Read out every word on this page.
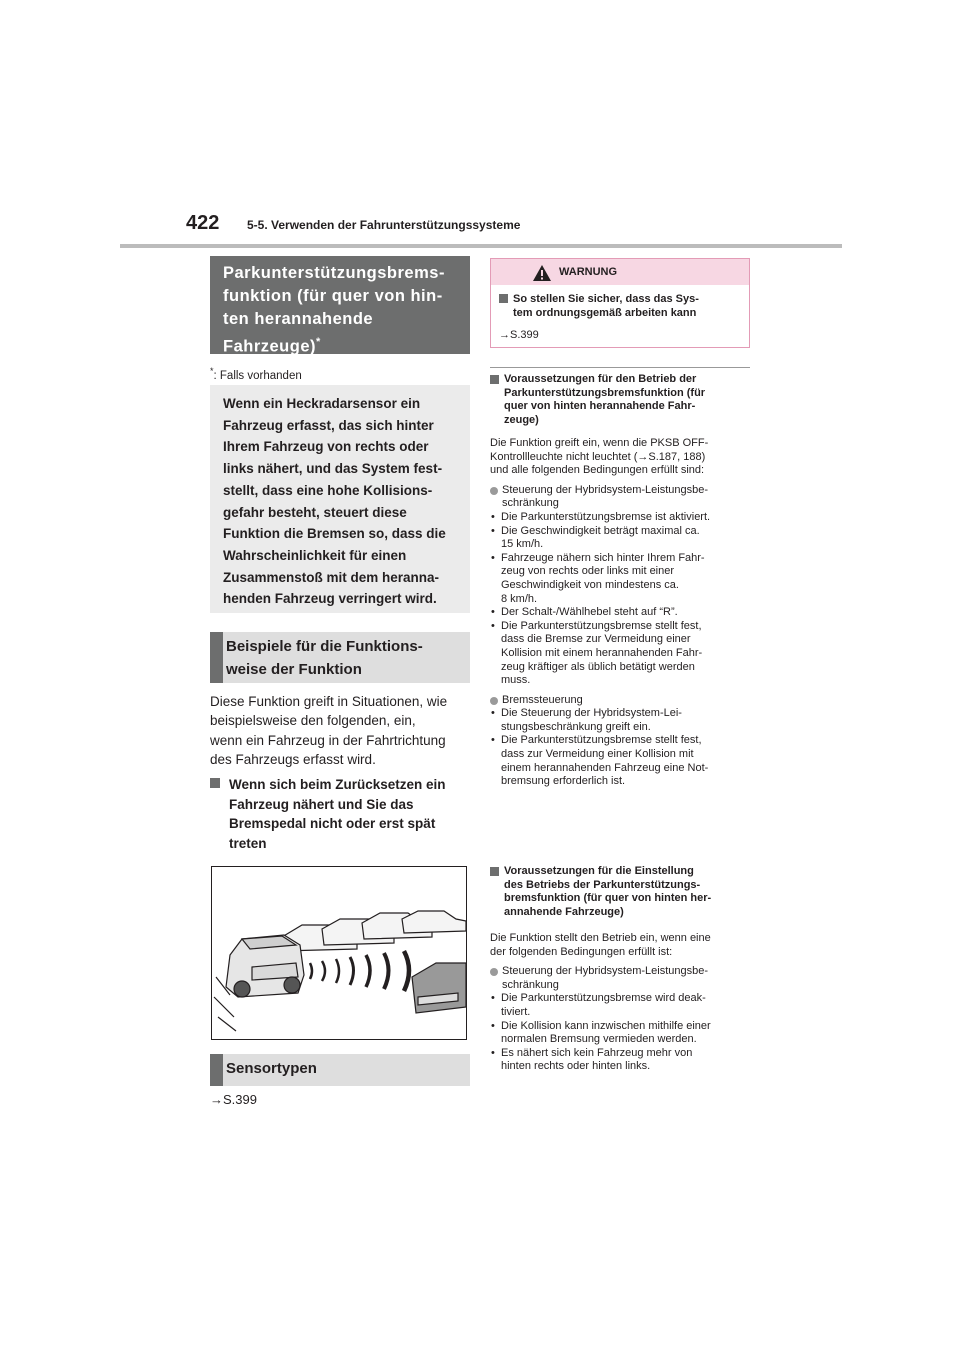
422 5-5. Verwenden der Fahrunterstützungssysteme
Parkunterstützungsbrems-
funktion (für quer von hin-
ten herannahende
Fahrzeuge)*
*: Falls vorhanden
Wenn ein Heckradarsensor ein
Fahrzeug erfasst, das sich hinter
Ihrem Fahrzeug von rechts oder
links nähert, und das System fest-
stellt, dass eine hohe Kollisions-
gefahr besteht, steuert diese
Funktion die Bremsen so, dass die
Wahrscheinlichkeit für einen
Zusammenstoß mit dem heranna-
henden Fahrzeug verringert wird.
Beispiele für die Funktions-
weise der Funktion
Diese Funktion greift in Situationen, wie
beispielsweise den folgenden, ein,
wenn ein Fahrzeug in der Fahrtrichtung
des Fahrzeugs erfasst wird.
Wenn sich beim Zurücksetzen ein
Fahrzeug nähert und Sie das
Bremspedal nicht oder erst spät
treten
Sensortypen
→S.399
WARNUNG
So stellen Sie sicher, dass das Sys-
tem ordnungsgemäß arbeiten kann
→S.399
Voraussetzungen für den Betrieb der
Parkunterstützungsbremsfunktion (für
quer von hinten herannahende Fahr-
zeuge)
Die Funktion greift ein, wenn die PKSB OFF-
Kontrollleuchte nicht leuchtet (→S.187, 188)
und alle folgenden Bedingungen erfüllt sind:
Steuerung der Hybridsystem-Leistungsbe-
schränkung
• Die Parkunterstützungsbremse ist aktiviert.
• Die Geschwindigkeit beträgt maximal ca.
15 km/h.
• Fahrzeuge nähern sich hinter Ihrem Fahr-
zeug von rechts oder links mit einer
Geschwindigkeit von mindestens ca.
8 km/h.
• Der Schalt-/Wählhebel steht auf “R”.
• Die Parkunterstützungsbremse stellt fest,
dass die Bremse zur Vermeidung einer
Kollision mit einem herannahenden Fahr-
zeug kräftiger als üblich betätigt werden
muss.
Bremssteuerung
• Die Steuerung der Hybridsystem-Lei-
stungsbeschränkung greift ein.
• Die Parkunterstützungsbremse stellt fest,
dass zur Vermeidung einer Kollision mit
einem herannahenden Fahrzeug eine Not-
bremsung erforderlich ist.
Voraussetzungen für die Einstellung
des Betriebs der Parkunterstützungs-
bremsfunktion (für quer von hinten her-
annahende Fahrzeuge)
Die Funktion stellt den Betrieb ein, wenn eine
der folgenden Bedingungen erfüllt ist:
Steuerung der Hybridsystem-Leistungsbe-
schränkung
• Die Parkunterstützungsbremse wird deak-
tiviert.
• Die Kollision kann inzwischen mithilfe einer
normalen Bremsung vermieden werden.
• Es nähert sich kein Fahrzeug mehr von
hinten rechts oder hinten links.
